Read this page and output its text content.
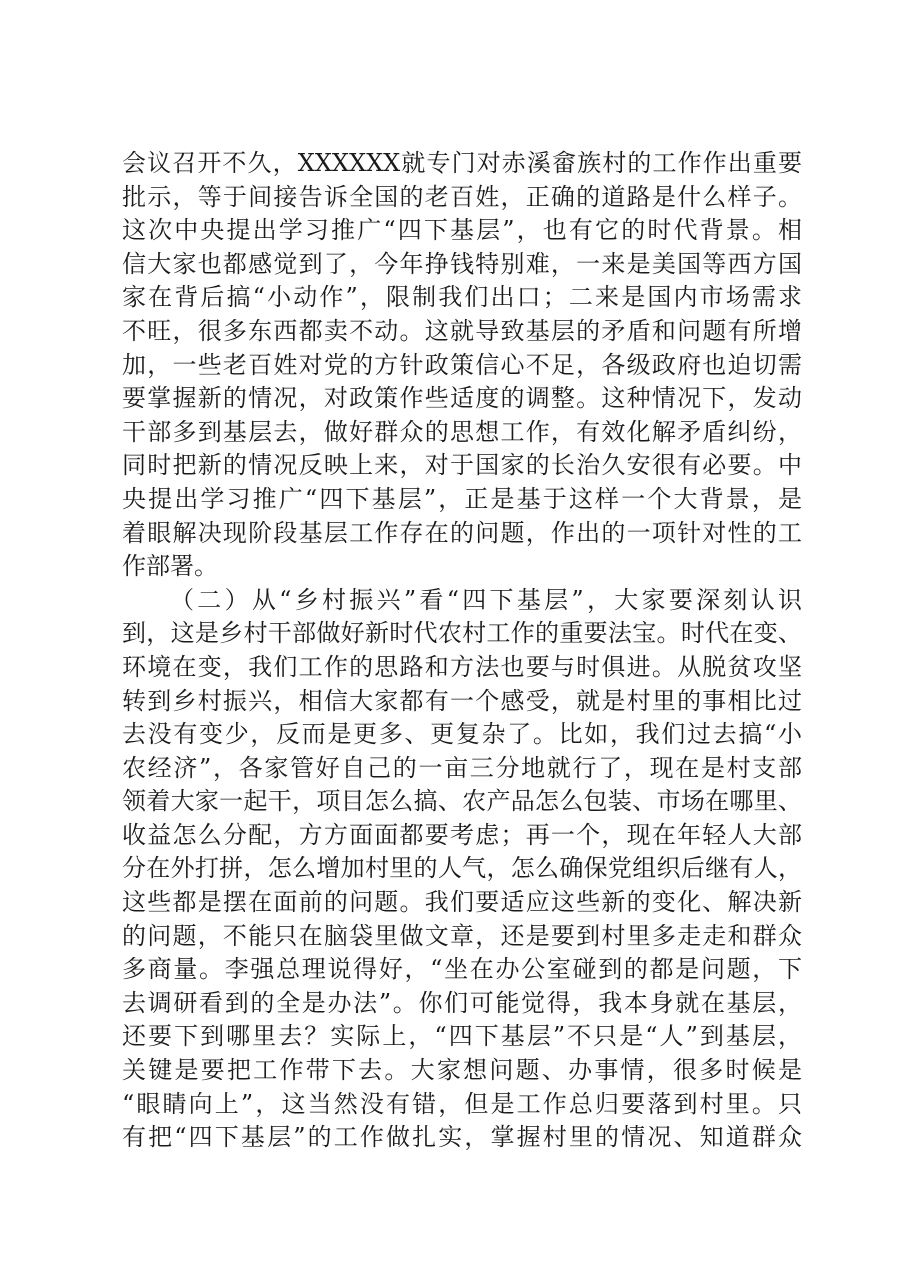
会议召开不久，XXXXXX就专门对赤溪畲族村的工作作出重要
批示，等于间接告诉全国的老百姓，正确的道路是什么样子。
这次中央提出学习推广“四下基层”，也有它的时代背景。相
信大家也都感觉到了，今年挣钱特别难，一来是美国等西方国
家在背后搞“小动作”，限制我们出口；二来是国内市场需求
不旺，很多东西都卖不动。这就导致基层的矛盾和问题有所增
加，一些老百姓对党的方针政策信心不足，各级政府也迫切需
要掌握新的情况，对政策作些适度的调整。这种情况下，发动
干部多到基层去，做好群众的思想工作，有效化解矛盾纠纷，
同时把新的情况反映上来，对于国家的长治久安很有必要。中
央提出学习推广“四下基层”，正是基于这样一个大背景，是
着眼解决现阶段基层工作存在的问题，作出的一项针对性的工
作部署。
（二）从“乡村振兴”看“四下基层”，大家要深刻认识
到，这是乡村干部做好新时代农村工作的重要法宝。时代在变、
环境在变，我们工作的思路和方法也要与时俱进。从脱贫攻坚
转到乡村振兴，相信大家都有一个感受，就是村里的事相比过
去没有变少，反而是更多、更复杂了。比如，我们过去搞“小
农经济”，各家管好自己的一亩三分地就行了，现在是村支部
领着大家一起干，项目怎么搞、农产品怎么包装、市场在哪里、
收益怎么分配，方方面面都要考虑；再一个，现在年轻人大部
分在外打拼，怎么增加村里的人气，怎么确保党组织后继有人，
这些都是摆在面前的问题。我们要适应这些新的变化、解决新
的问题，不能只在脑袋里做文章，还是要到村里多走走和群众
多商量。李强总理说得好，“坐在办公室碰到的都是问题，下
去调研看到的全是办法”。你们可能觉得，我本身就在基层，
还要下到哪里去？实际上，“四下基层”不只是“人”到基层，
关键是要把工作带下去。大家想问题、办事情，很多时候是
“眼睛向上”，这当然没有错，但是工作总归要落到村里。只
有把“四下基层”的工作做扎实，掌握村里的情况、知道群众
